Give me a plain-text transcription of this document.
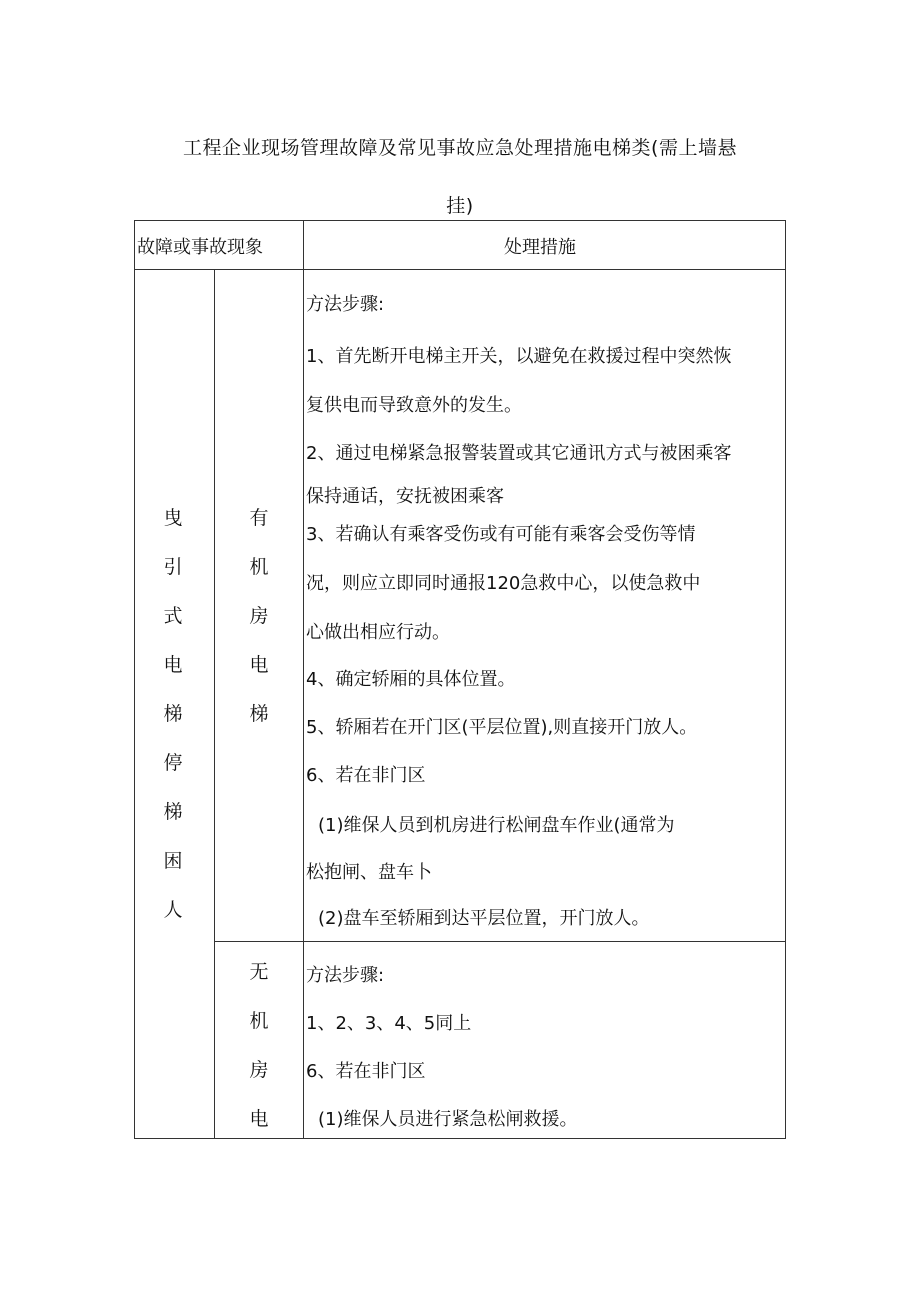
工程企业现场管理故障及常见事故应急处理措施电梯类(需上墙悬
挂)
故障或事故现象	处理措施
曳
引
式
电
梯
停
梯
困
人
有
机
房
电
梯
方法步骤:
1、首先断开电梯主开关，以避免在救援过程中突然恢
复供电而导致意外的发生。
2、通过电梯紧急报警装置或其它通讯方式与被困乘客
保持通话，安抚被困乘客
3、若确认有乘客受伤或有可能有乘客会受伤等情
况，则应立即同时通报120急救中心，以使急救中
心做出相应行动。
4、确定轿厢的具体位置。
5、轿厢若在开门区(平层位置),则直接开门放人。
6、若在非门区
(1)维保人员到机房进行松闸盘车作业(通常为
松抱闸、盘车卜
(2)盘车至轿厢到达平层位置，开门放人。
无
机
房
电
方法步骤:
1、2、3、4、5同上
6、若在非门区
(1)维保人员进行紧急松闸救援。
